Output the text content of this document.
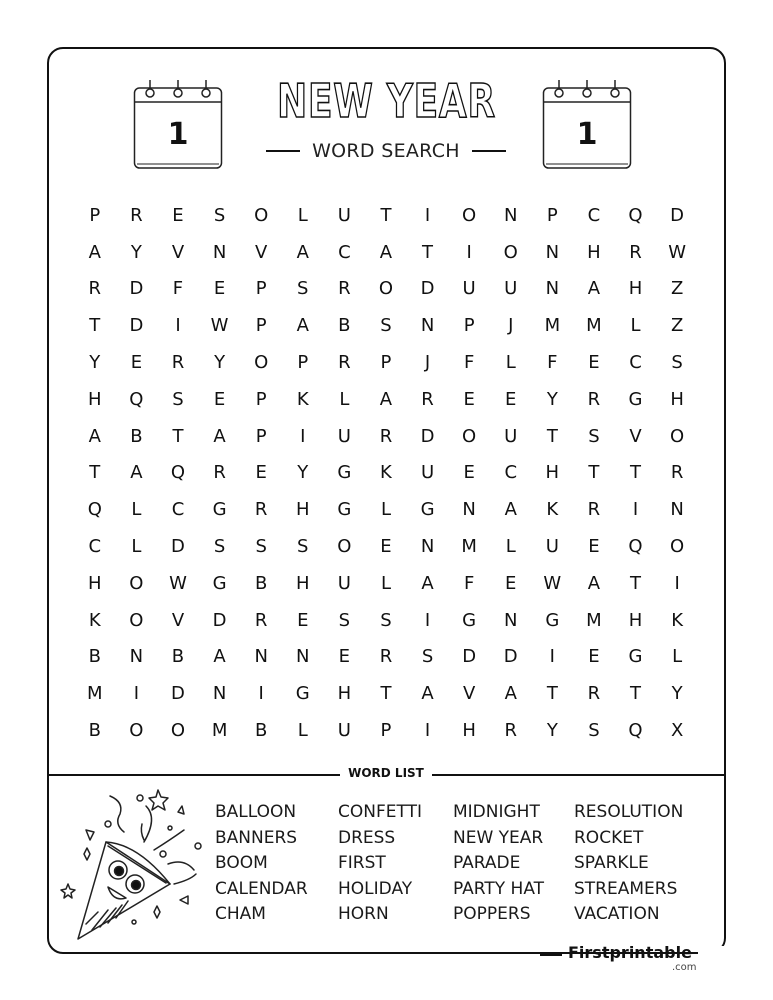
1
NEW YEAR
WORD SEARCH	1
P	R	E	S	O	L	U	T	I	O	N	P	C	Q	D
A	Y	V	N	V	A	C	A	T	I	O	N	H	R	W
R	D	F	E	P	S	R	O	D	U	U	N	A	H	Z
T	D	I	W	P	A	B	S	N	P	J	M	M	L	Z
Y	E	R	Y	O	P	R	P	J	F	L	F	E	C	S
H	Q	S	E	P	K	L	A	R	E	E	Y	R	G	H
A	B	T	A	P	I	U	R	D	O	U	T	S	V	O
T	A	Q	R	E	Y	G	K	U	E	C	H	T	T	R
Q	L	C	G	R	H	G	L	G	N	A	K	R	I	N
C	L	D	S	S	S	O	E	N	M	L	U	E	Q	O
H	O	W	G	B	H	U	L	A	F	E	W	A	T	I
K	O	V	D	R	E	S	S	I	G	N	G	M	H	K
B	N	B	A	N	N	E	R	S	D	D	I	E	G	L
M	I	D	N	I	G	H	T	A	V	A	T	R	T	Y
B	O	O	M	B	L	U	P	I	H	R	Y	S	Q	X
WORD LIST
BALLOON
BANNERS
BOOM
CALENDAR
CHAM
CONFETTI
DRESS
FIRST
HOLIDAY
HORN
MIDNIGHT
NEW YEAR
PARADE
PARTY HAT
POPPERS
RESOLUTION
ROCKET
SPARKLE
STREAMERS
VACATION
Firstprintable
.com
